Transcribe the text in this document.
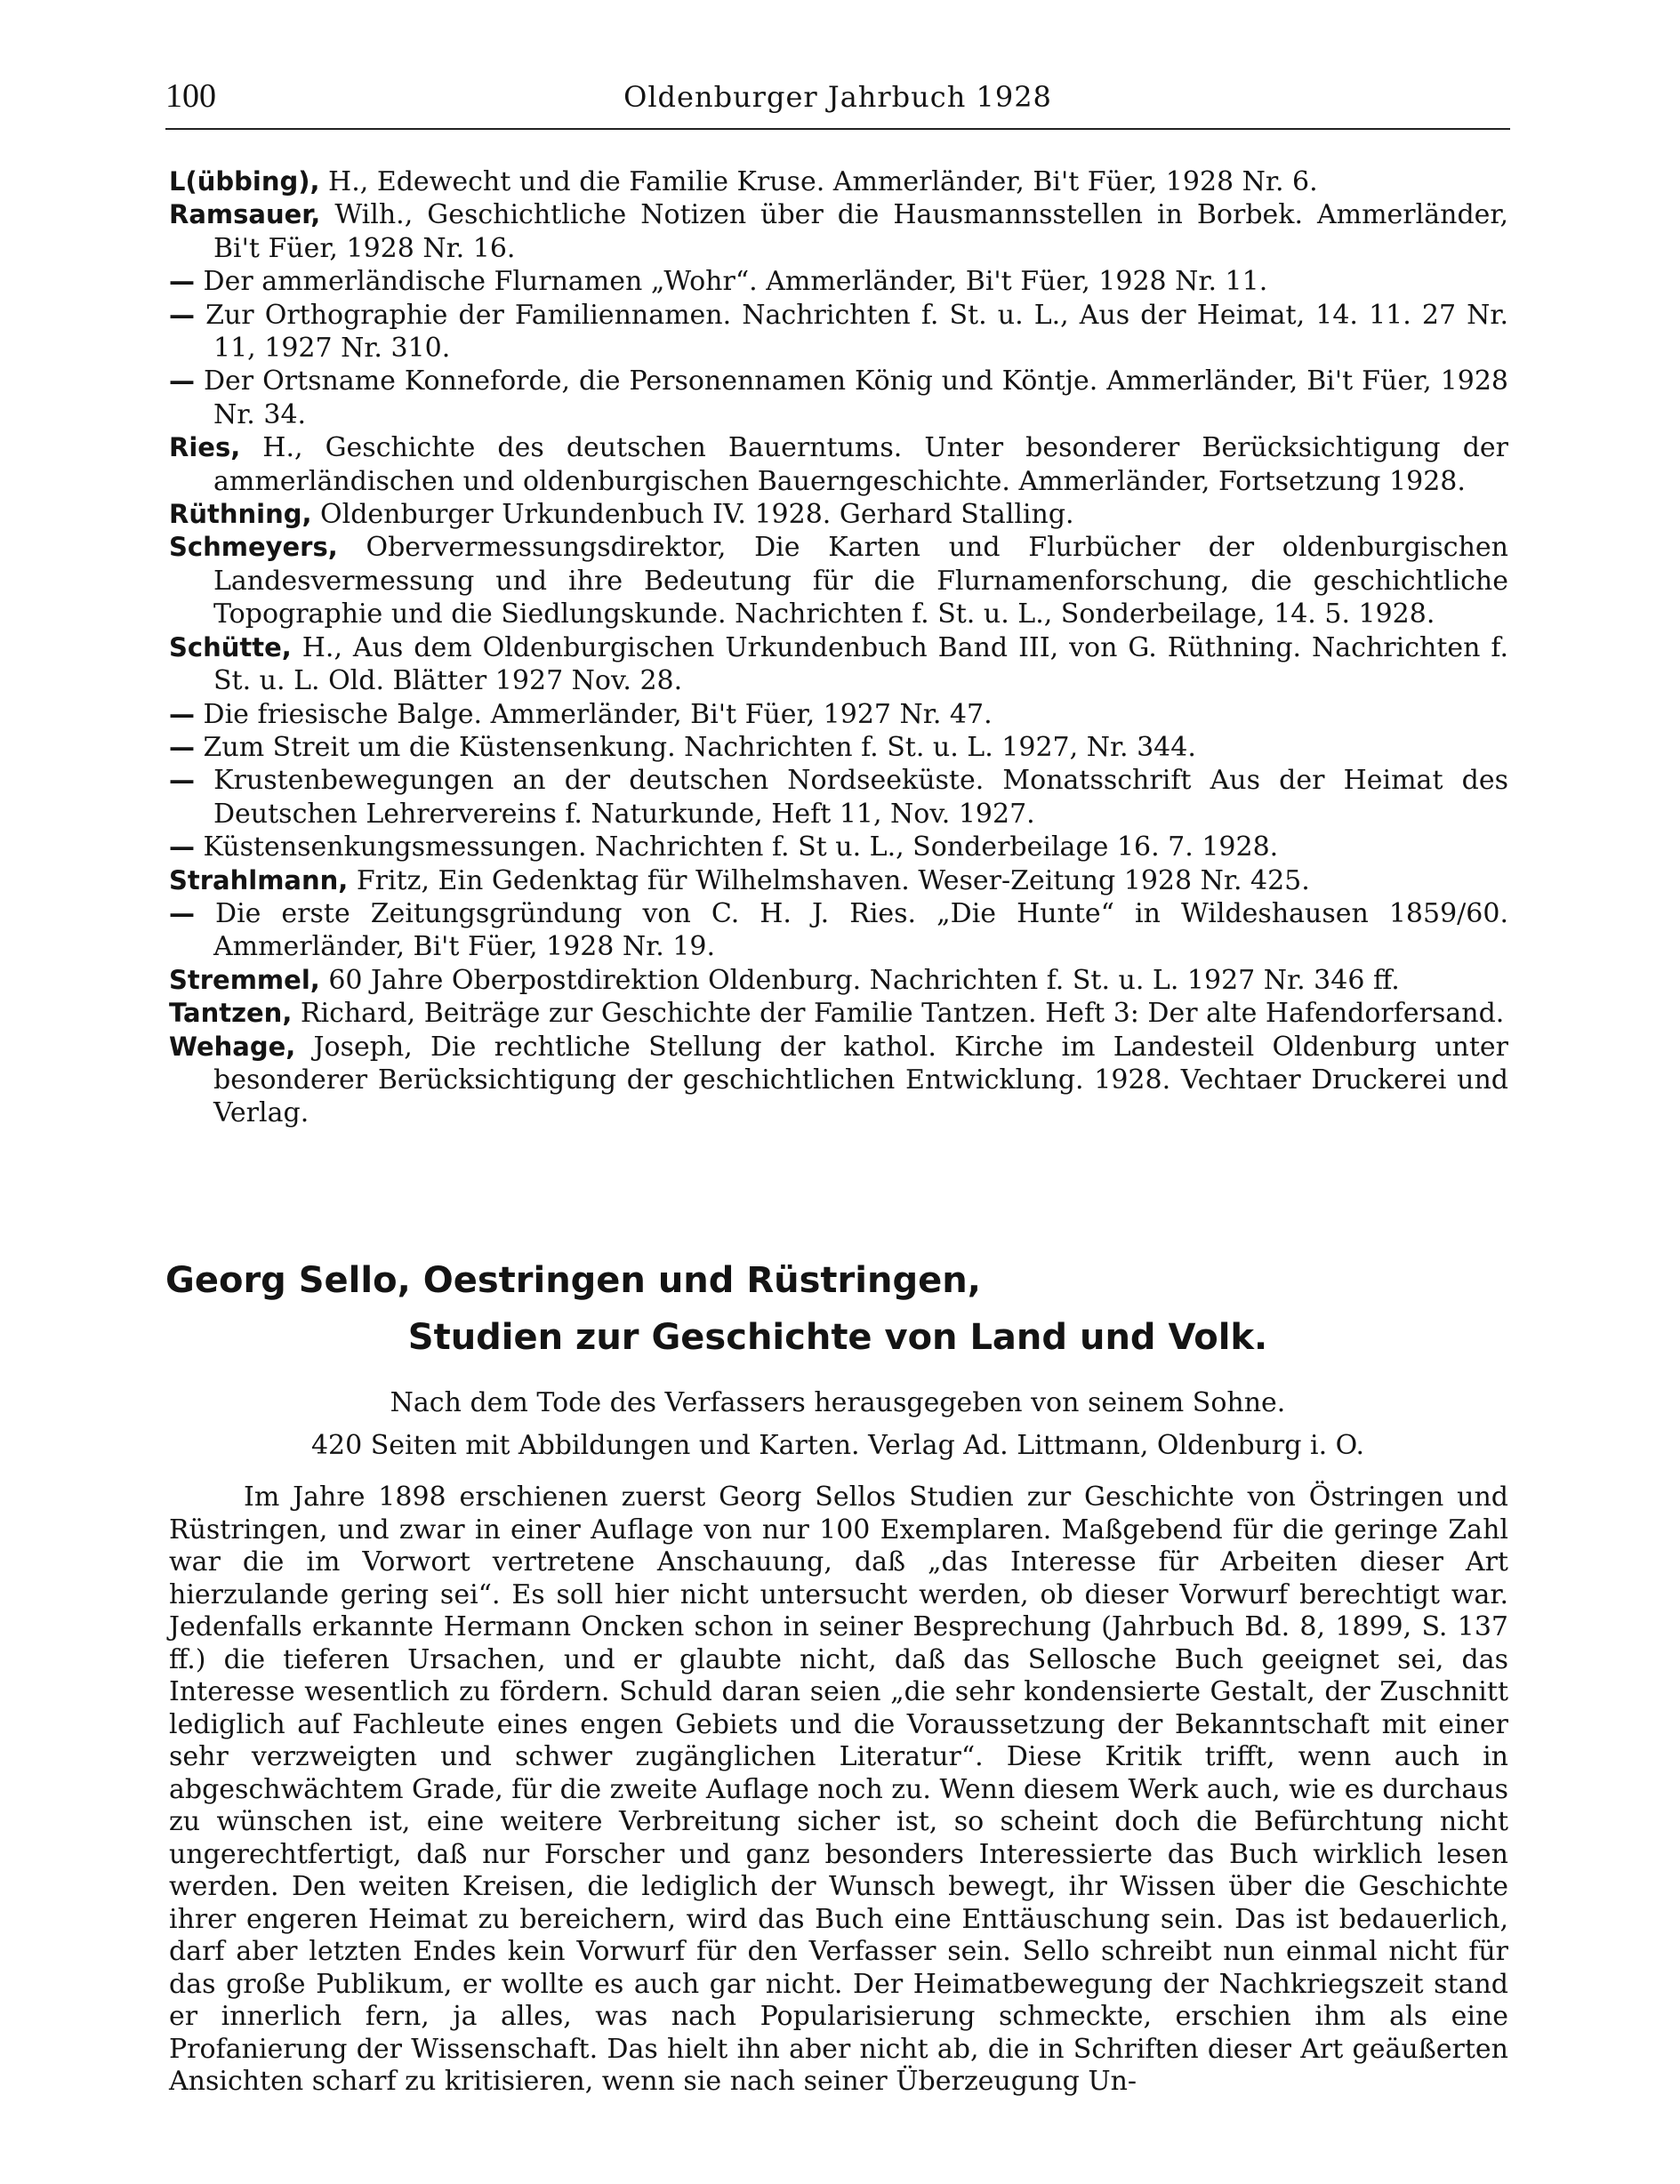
100	Oldenburger Jahrbuch 1928
L(übbing), H., Edewecht und die Familie Kruse. Ammerländer, Bi't Füer, 1928 Nr. 6.
Ramsauer, Wilh., Geschichtliche Notizen über die Hausmannsstellen in Borbek. Ammerländer, Bi't Füer, 1928 Nr. 16.
— Der ammerländische Flurnamen „Wohr“. Ammerländer, Bi't Füer, 1928 Nr. 11.
— Zur Orthographie der Familiennamen. Nachrichten f. St. u. L., Aus der Heimat, 14. 11. 27 Nr. 11, 1927 Nr. 310.
— Der Ortsname Konneforde, die Personennamen König und Köntje. Ammerländer, Bi't Füer, 1928 Nr. 34.
Ries, H., Geschichte des deutschen Bauerntums. Unter besonderer Berücksichtigung der ammerländischen und oldenburgischen Bauerngeschichte. Ammerländer, Fortsetzung 1928.
Rüthning, Oldenburger Urkundenbuch IV. 1928. Gerhard Stalling.
Schmeyers, Obervermessungsdirektor, Die Karten und Flurbücher der oldenburgischen Landesvermessung und ihre Bedeutung für die Flurnamenforschung, die geschichtliche Topographie und die Siedlungskunde. Nachrichten f. St. u. L., Sonderbeilage, 14. 5. 1928.
Schütte, H., Aus dem Oldenburgischen Urkundenbuch Band III, von G. Rüthning. Nachrichten f. St. u. L. Old. Blätter 1927 Nov. 28.
— Die friesische Balge. Ammerländer, Bi't Füer, 1927 Nr. 47.
— Zum Streit um die Küstensenkung. Nachrichten f. St. u. L. 1927, Nr. 344.
— Krustenbewegungen an der deutschen Nordseeküste. Monatsschrift Aus der Heimat des Deutschen Lehrervereins f. Naturkunde, Heft 11, Nov. 1927.
— Küstensenkungsmessungen. Nachrichten f. St u. L., Sonderbeilage 16. 7. 1928.
Strahlmann, Fritz, Ein Gedenktag für Wilhelmshaven. Weser-Zeitung 1928 Nr. 425.
— Die erste Zeitungsgründung von C. H. J. Ries. „Die Hunte“ in Wildeshausen 1859/60. Ammerländer, Bi't Füer, 1928 Nr. 19.
Stremmel, 60 Jahre Oberpostdirektion Oldenburg. Nachrichten f. St. u. L. 1927 Nr. 346 ff.
Tantzen, Richard, Beiträge zur Geschichte der Familie Tantzen. Heft 3: Der alte Hafendorfersand.
Wehage, Joseph, Die rechtliche Stellung der kathol. Kirche im Landesteil Oldenburg unter besonderer Berücksichtigung der geschichtlichen Entwicklung. 1928. Vechtaer Druckerei und Verlag.
Georg Sello, Oestringen und Rüstringen,
Studien zur Geschichte von Land und Volk.
Nach dem Tode des Verfassers herausgegeben von seinem Sohne.
420 Seiten mit Abbildungen und Karten. Verlag Ad. Littmann, Oldenburg i. O.
Im Jahre 1898 erschienen zuerst Georg Sellos Studien zur Geschichte von Östringen und Rüstringen, und zwar in einer Auflage von nur 100 Exemplaren. Maßgebend für die geringe Zahl war die im Vorwort vertretene Anschauung, daß „das Interesse für Arbeiten dieser Art hierzulande gering sei“. Es soll hier nicht untersucht werden, ob dieser Vorwurf berechtigt war. Jedenfalls erkannte Hermann Oncken schon in seiner Besprechung (Jahrbuch Bd. 8, 1899, S. 137 ff.) die tieferen Ursachen, und er glaubte nicht, daß das Sellosche Buch geeignet sei, das Interesse wesentlich zu fördern. Schuld daran seien „die sehr kondensierte Gestalt, der Zuschnitt lediglich auf Fachleute eines engen Gebiets und die Voraussetzung der Bekanntschaft mit einer sehr verzweigten und schwer zugänglichen Literatur“. Diese Kritik trifft, wenn auch in abgeschwächtem Grade, für die zweite Auflage noch zu. Wenn diesem Werk auch, wie es durchaus zu wünschen ist, eine weitere Verbreitung sicher ist, so scheint doch die Befürchtung nicht ungerechtfertigt, daß nur Forscher und ganz besonders Interessierte das Buch wirklich lesen werden. Den weiten Kreisen, die lediglich der Wunsch bewegt, ihr Wissen über die Geschichte ihrer engeren Heimat zu bereichern, wird das Buch eine Enttäuschung sein. Das ist bedauerlich, darf aber letzten Endes kein Vorwurf für den Verfasser sein. Sello schreibt nun einmal nicht für das große Publikum, er wollte es auch gar nicht. Der Heimatbewegung der Nachkriegszeit stand er innerlich fern, ja alles, was nach Popularisierung schmeckte, erschien ihm als eine Profanierung der Wissenschaft. Das hielt ihn aber nicht ab, die in Schriften dieser Art geäußerten Ansichten scharf zu kritisieren, wenn sie nach seiner Überzeugung Un-
